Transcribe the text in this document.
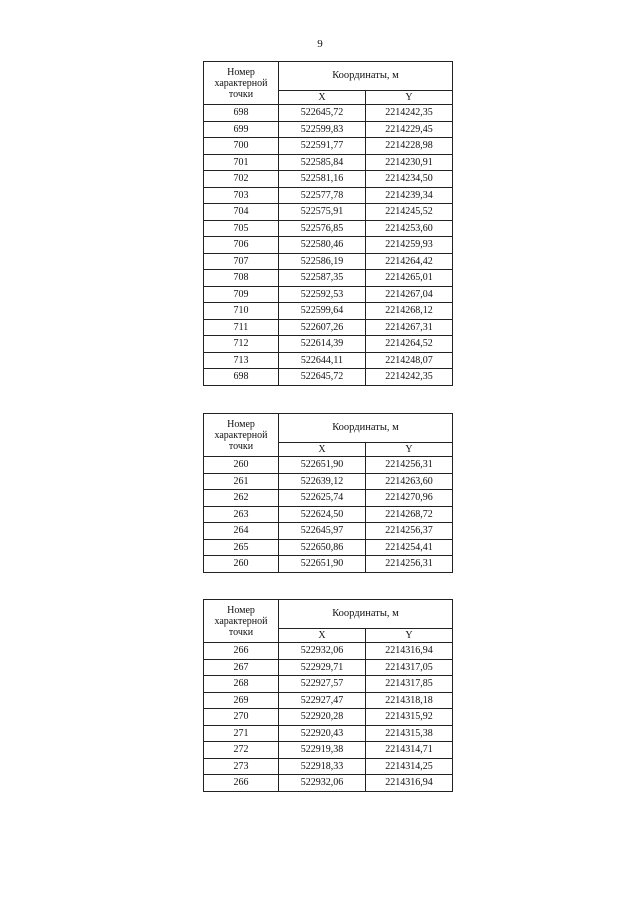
9
Номер характерной точки	Координаты, м	
	X	Y
698	522645,72	2214242,35
699	522599,83	2214229,45
700	522591,77	2214228,98
701	522585,84	2214230,91
702	522581,16	2214234,50
703	522577,78	2214239,34
704	522575,91	2214245,52
705	522576,85	2214253,60
706	522580,46	2214259,93
707	522586,19	2214264,42
708	522587,35	2214265,01
709	522592,53	2214267,04
710	522599,64	2214268,12
711	522607,26	2214267,31
712	522614,39	2214264,52
713	522644,11	2214248,07
698	522645,72	2214242,35
Номер характерной точки	Координаты, м	
	X	Y
260	522651,90	2214256,31
261	522639,12	2214263,60
262	522625,74	2214270,96
263	522624,50	2214268,72
264	522645,97	2214256,37
265	522650,86	2214254,41
260	522651,90	2214256,31
Номер характерной точки	Координаты, м	
	X	Y
266	522932,06	2214316,94
267	522929,71	2214317,05
268	522927,57	2214317,85
269	522927,47	2214318,18
270	522920,28	2214315,92
271	522920,43	2214315,38
272	522919,38	2214314,71
273	522918,33	2214314,25
266	522932,06	2214316,94
